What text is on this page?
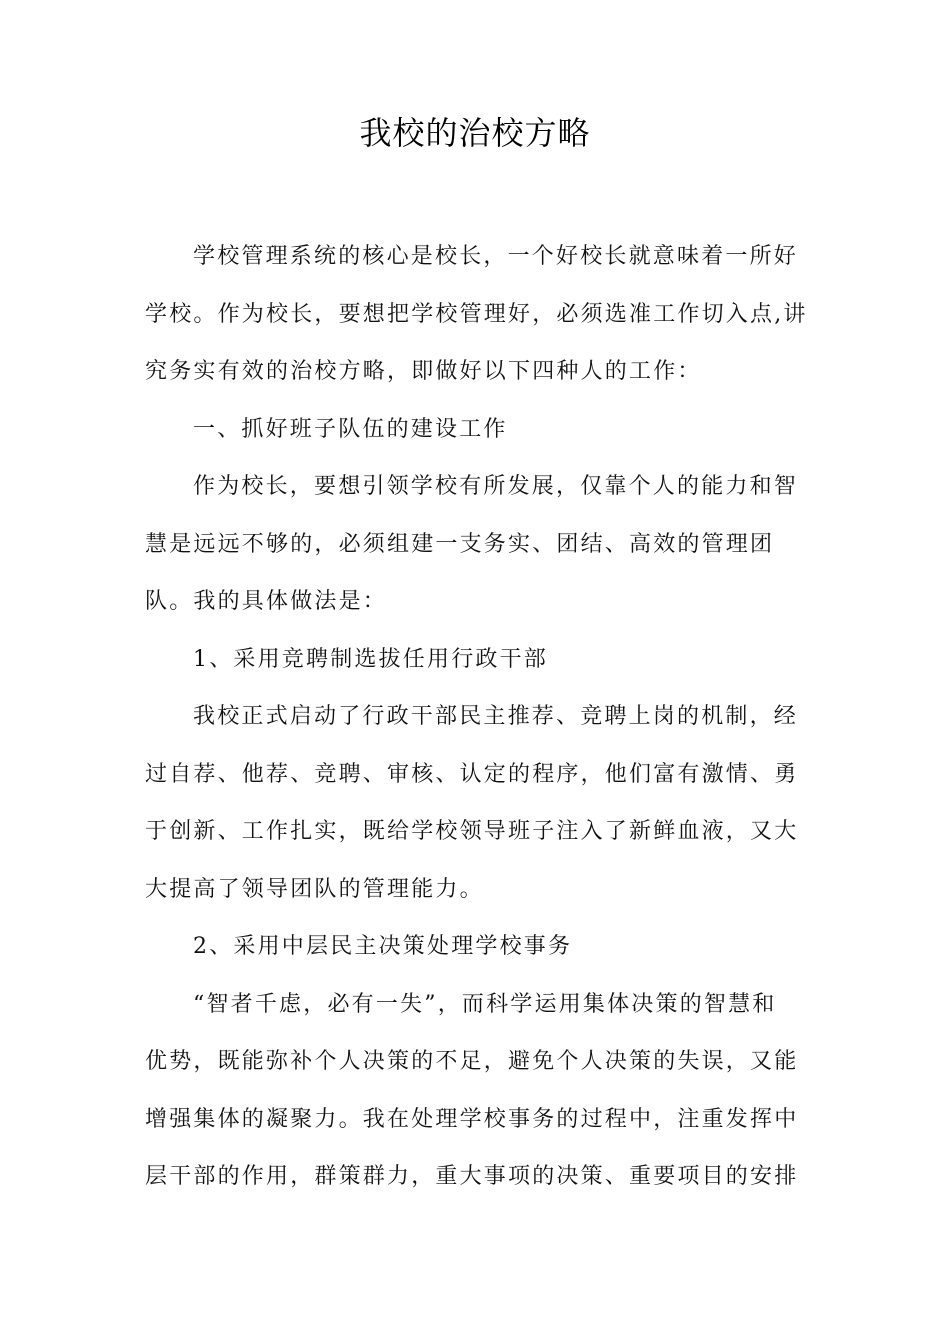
我校的治校方略
学校管理系统的核心是校长，一个好校长就意味着一所好
学校。作为校长，要想把学校管理好，必须选准工作切入点,讲
究务实有效的治校方略，即做好以下四种人的工作：
一、抓好班子队伍的建设工作
作为校长，要想引领学校有所发展，仅靠个人的能力和智
慧是远远不够的，必须组建一支务实、团结、高效的管理团
队。我的具体做法是：
1、采用竞聘制选拔任用行政干部
我校正式启动了行政干部民主推荐、竞聘上岗的机制，经
过自荐、他荐、竞聘、审核、认定的程序，他们富有激情、勇
于创新、工作扎实，既给学校领导班子注入了新鲜血液，又大
大提高了领导团队的管理能力。
2、采用中层民主决策处理学校事务
“智者千虑，必有一失”，而科学运用集体决策的智慧和
优势，既能弥补个人决策的不足，避免个人决策的失误，又能
增强集体的凝聚力。我在处理学校事务的过程中，注重发挥中
层干部的作用，群策群力，重大事项的决策、重要项目的安排
